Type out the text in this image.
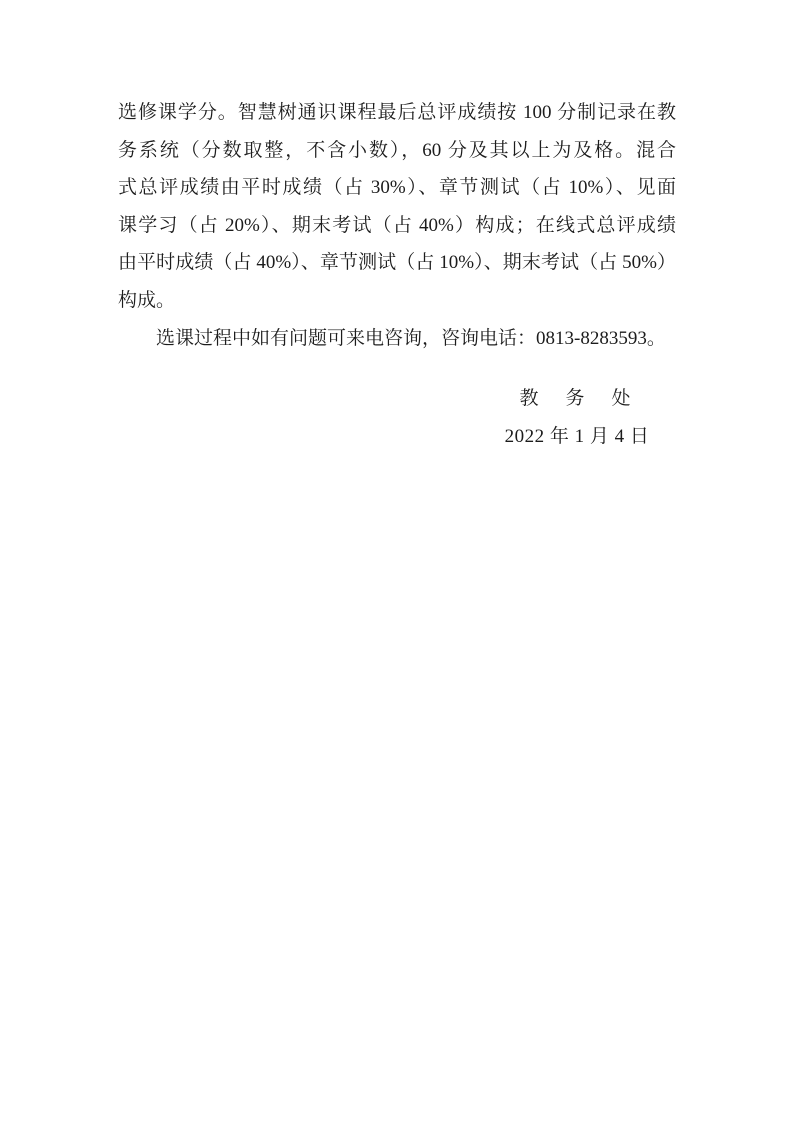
选修课学分。智慧树通识课程最后总评成绩按 100 分制记录在教
务系统（分数取整，不含小数），60 分及其以上为及格。混合
式总评成绩由平时成绩（占 30%）、章节测试（占 10%）、见面
课学习（占 20%）、期末考试（占 40%）构成；在线式总评成绩
由平时成绩（占 40%）、章节测试（占 10%）、期末考试（占 50%）
构成。
选课过程中如有问题可来电咨询，咨询电话：0813-8283593。
教　务　处
2022 年 1 月 4 日
